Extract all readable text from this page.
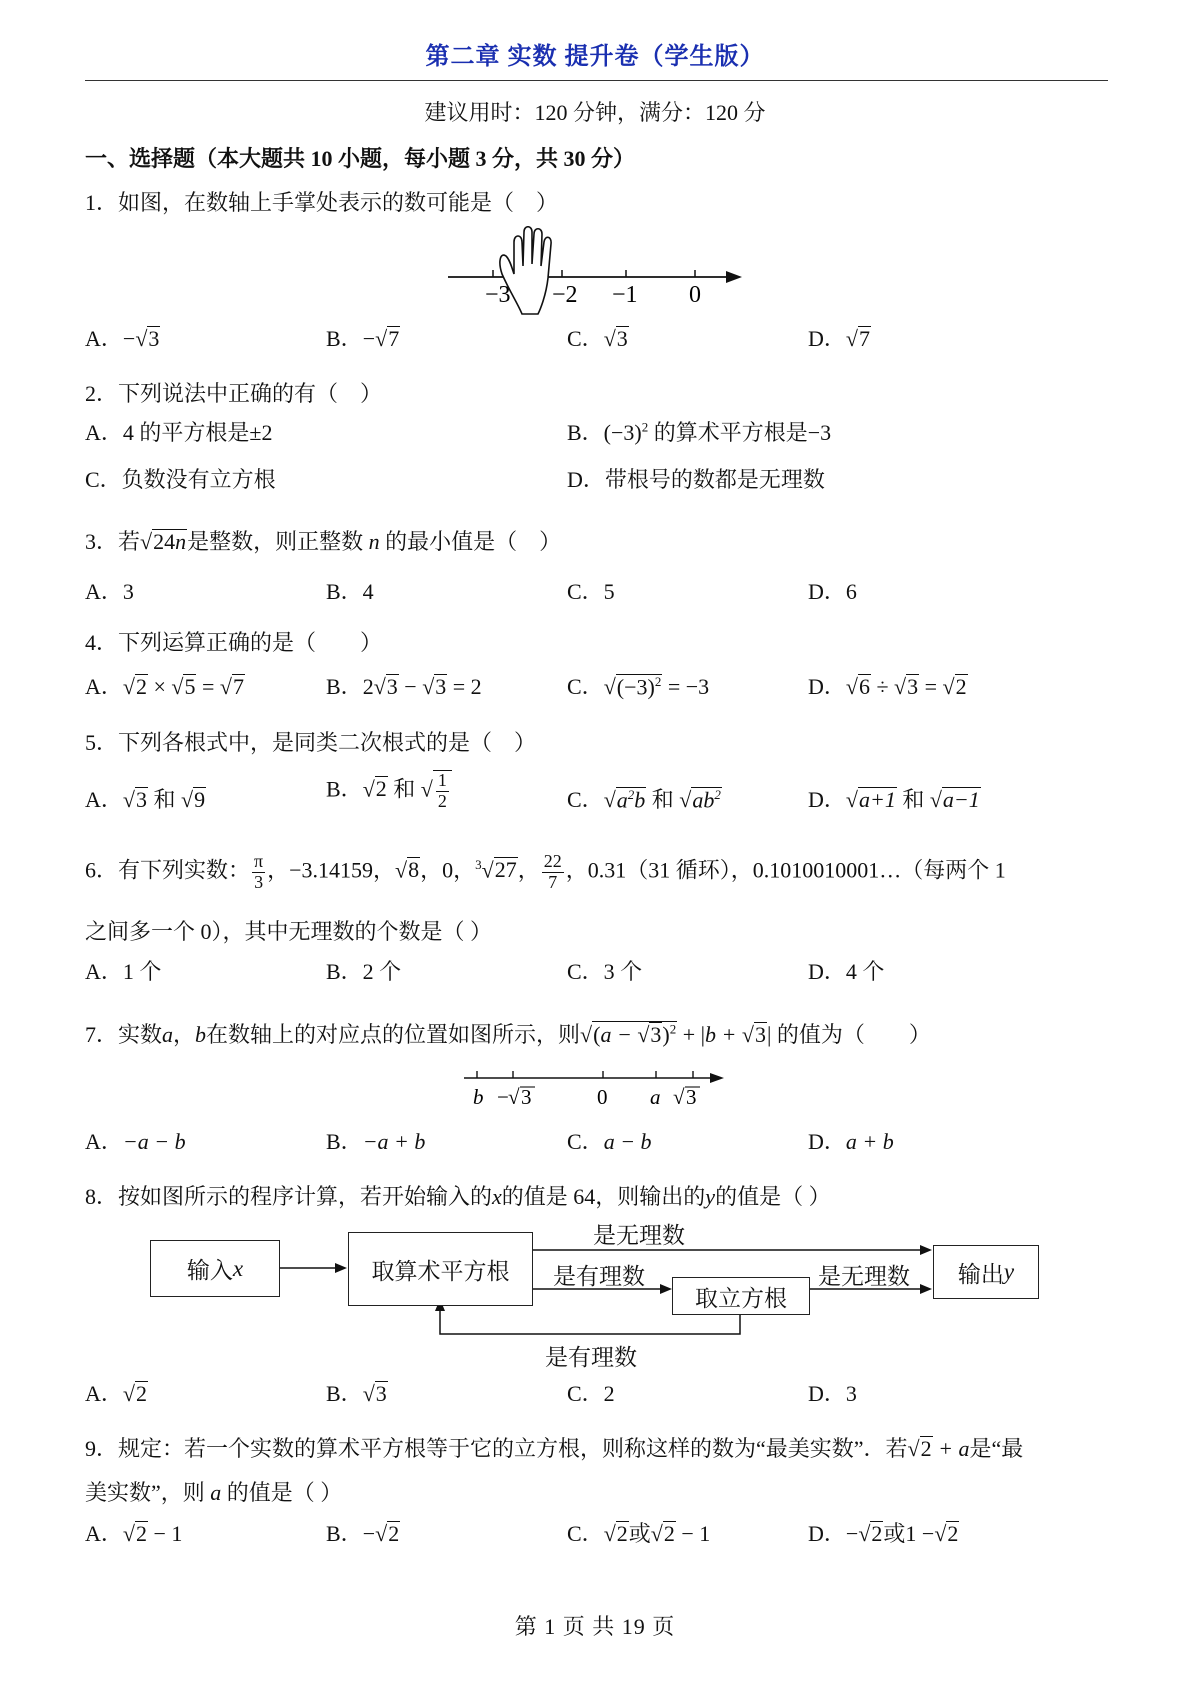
第二章 实数 提升卷（学生版）
建议用时：120 分钟，满分：120 分
一、选择题（本大题共 10 小题，每小题 3 分，共 30 分）
1．如图，在数轴上手掌处表示的数可能是（　）
−3 −2 −1 0
A．−√3	B．−√7	C．√3	D．√7
2．下列说法中正确的有（　）
A．4 的平方根是±2	B．$(-3)^2$ 的算术平方根是−3
C．负数没有立方根	D．带根号的数都是无理数
3．若√24n是整数，则正整数 n 的最小值是（　）
A．3	B．4	C．5	D．6
4．下列运算正确的是（　　）
A．√2 × √5 = √7	B．2√3 − √3 = 2	C．$√(-3)^2 = -3$	D．√6 ÷ √3 = √2
5．下列各根式中，是同类二次根式的是（　）
A．√3 和 √9	B．√2 和 √ $\frac{1}{2}$	C．$√a^2b$ 和 $√ab^2$	D．√a+1 和 √a−1
6．有下列实数： $\frac{\pi}{3}$ ，−3.14159，√8，0，$^3$√27， $\frac{22}{7}$ ，0.31（31 循环），0.1010010001…（每两个 1
之间多一个 0），其中无理数的个数是（ ）
A．1 个	B．2 个	C．3 个	D．4 个
7．实数a，b在数轴上的对应点的位置如图所示，则$√(a - √3)^2 + |b + √3|$ 的值为（　　）
b − √ 3	0 a √ 3
A．−a − b	B．−a + b	C．a − b	D．a + b
8．按如图所示的程序计算，若开始输入的x的值是 64，则输出的y的值是（ ）
输入 x	取算术平方根
取立方根
输出 y
是无理数
是有理数	是无理数
是有理数
A．√2	B．√3	C．2	D．3
9．规定：若一个实数的算术平方根等于它的立方根，则称这样的数为“最美实数”．若√2 + a是“最
美实数”，则 a 的值是（ ）
A．√2 − 1	B．−√2	C．√2或√2 − 1	D．−√2或1 −√2
第 1 页 共 19 页
